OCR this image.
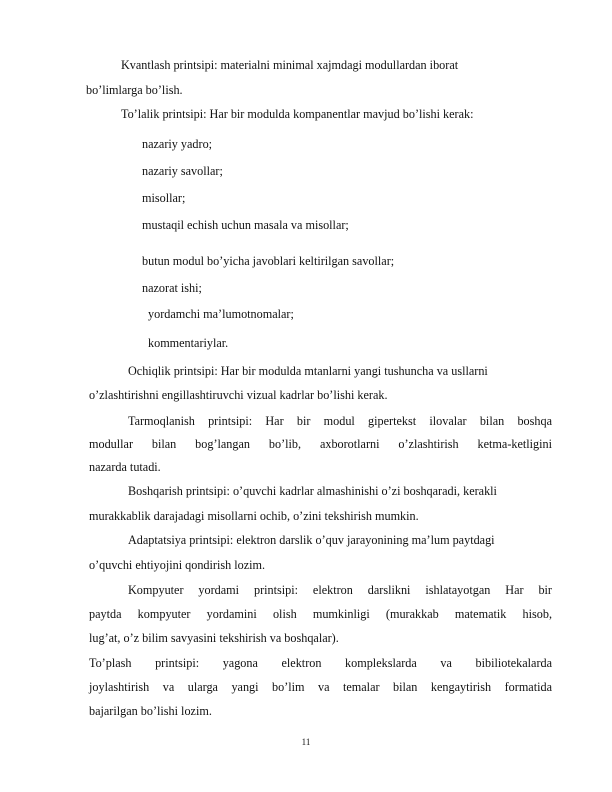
Kvantlash printsipi: materialni minimal xajmdagi modullardan iborat
bo’limlarga bo’lish.
To’lalik printsipi: Har bir modulda kompanentlar mavjud bo’lishi kerak:
nazariy yadro;
nazariy savollar;
misollar;
mustaqil echish uchun masala va misollar;
butun modul bo’yicha javoblari keltirilgan savollar;
nazorat ishi;
yordamchi ma’lumotnomalar;
kommentariylar.
Ochiqlik printsipi: Har bir modulda mtanlarni yangi tushuncha va usllarni
o’zlashtirishni engillashtiruvchi vizual kadrlar bo’lishi kerak.
Tarmoqlanish printsipi: Har bir modul gipertekst ilovalar bilan boshqa
modullar bilan bog’langan bo’lib, axborotlarni o’zlashtirish ketma-ketligini
nazarda tutadi.
Boshqarish printsipi: o’quvchi kadrlar almashinishi o’zi boshqaradi, kerakli
murakkablik darajadagi misollarni ochib, o’zini tekshirish mumkin.
Adaptatsiya printsipi: elektron darslik o’quv jarayonining ma’lum paytdagi
o’quvchi ehtiyojini qondirish lozim.
Kompyuter yordami printsipi: elektron darslikni ishlatayotgan Har bir
paytda kompyuter yordamini olish mumkinligi (murakkab matematik hisob,
lug’at, o’z bilim savyasini tekshirish va boshqalar).
To’plash printsipi: yagona elektron komplekslarda va bibiliotekalarda
joylashtirish va ularga yangi bo’lim va temalar bilan kengaytirish formatida
bajarilgan bo’lishi lozim.
11
